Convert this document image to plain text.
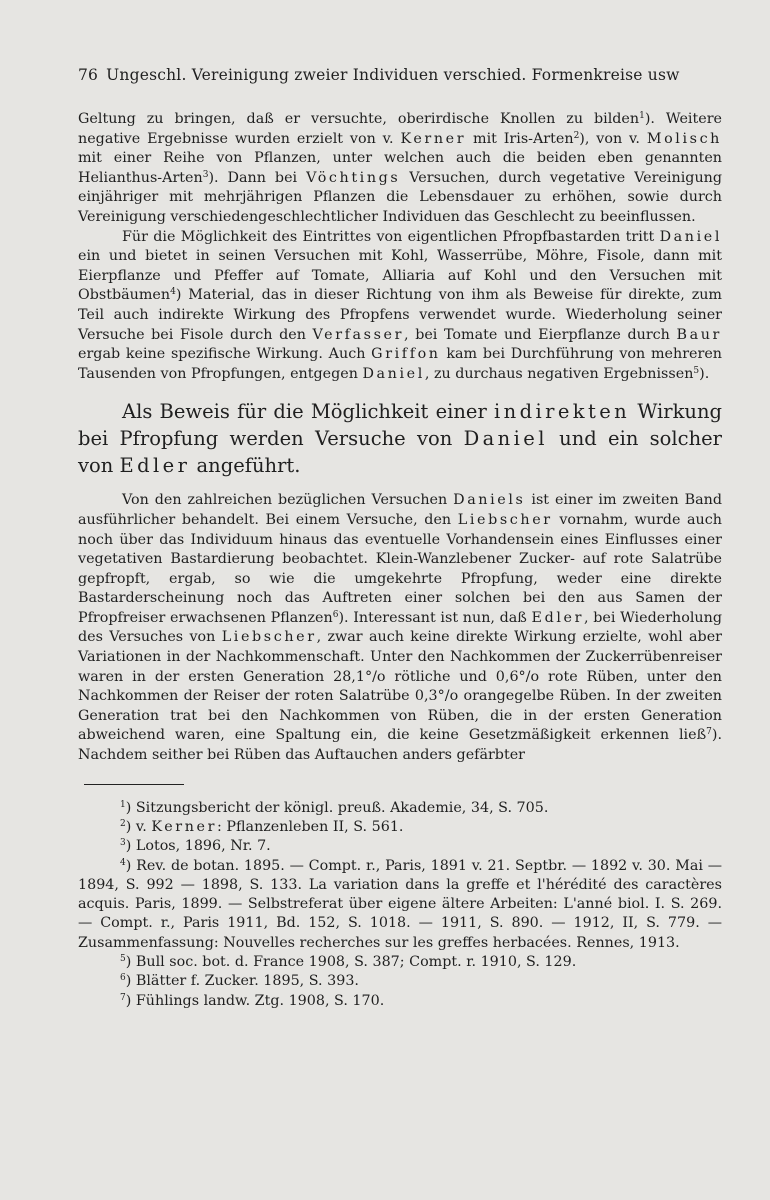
76 Ungeschl. Vereinigung zweier Individuen verschied. Formenkreise usw

Geltung zu bringen, daß er versuchte, oberirdische Knollen zu bilden$^1$). Weitere negative Ergebnisse wurden erzielt von v. Kerner mit Iris-Arten$^2$), von v. Molisch mit einer Reihe von Pflanzen, unter welchen auch die beiden eben genannten Helianthus-Arten$^3$). Dann bei Vöchtings Versuchen, durch vegetative Vereinigung einjähriger mit mehrjährigen Pflanzen die Lebensdauer zu erhöhen, sowie durch Vereinigung verschiedengeschlechtlicher Individuen das Geschlecht zu beeinflussen.

Für die Möglichkeit des Eintrittes von eigentlichen Pfropfbastarden tritt Daniel ein und bietet in seinen Versuchen mit Kohl, Wasserrübe, Möhre, Fisole, dann mit Eierpflanze und Pfeffer auf Tomate, Alliaria auf Kohl und den Versuchen mit Obstbäumen$^4$) Material, das in dieser Richtung von ihm als Beweise für direkte, zum Teil auch indirekte Wirkung des Pfropfens verwendet wurde. Wiederholung seiner Versuche bei Fisole durch den Verfasser, bei Tomate und Eierpflanze durch Baur ergab keine spezifische Wirkung. Auch Griffon kam bei Durchführung von mehreren Tausenden von Pfropfungen, entgegen Daniel, zu durchaus negativen Ergebnissen$^5$).

Als Beweis für die Möglichkeit einer indirekten Wirkung bei Pfropfung werden Versuche von Daniel und ein solcher von Edler angeführt.

Von den zahlreichen bezüglichen Versuchen Daniels ist einer im zweiten Band ausführlicher behandelt. Bei einem Versuche, den Liebscher vornahm, wurde auch noch über das Individuum hinaus das eventuelle Vorhandensein eines Einflusses einer vegetativen Bastardierung beobachtet. Klein-Wanzlebener Zucker- auf rote Salatrübe gepfropft, ergab, so wie die umgekehrte Pfropfung, weder eine direkte Bastarderscheinung noch das Auftreten einer solchen bei den aus Samen der Pfropfreiser erwachsenen Pflanzen$^6$). Interessant ist nun, daß Edler, bei Wiederholung des Versuches von Liebscher, zwar auch keine direkte Wirkung erzielte, wohl aber Variationen in der Nachkommenschaft. Unter den Nachkommen der Zuckerrübenreiser waren in der ersten Generation 28,1°/o rötliche und 0,6°/o rote Rüben, unter den Nachkommen der Reiser der roten Salatrübe 0,3°/o orangegelbe Rüben. In der zweiten Generation trat bei den Nachkommen von Rüben, die in der ersten Generation abweichend waren, eine Spaltung ein, die keine Gesetzmäßigkeit erkennen ließ$^7$). Nachdem seither bei Rüben das Auftauchen anders gefärbter

$^1$) Sitzungsbericht der königl. preuß. Akademie, 34, S. 705.
$^2$) v. Kerner: Pflanzenleben II, S. 561.
$^3$) Lotos, 1896, Nr. 7.
$^4$) Rev. de botan. 1895. — Compt. r., Paris, 1891 v. 21. Septbr. — 1892 v. 30. Mai — 1894, S. 992 — 1898, S. 133. La variation dans la greffe et l'hérédité des caractères acquis. Paris, 1899. — Selbstreferat über eigene ältere Arbeiten: L'anné biol. I. S. 269. — Compt. r., Paris 1911, Bd. 152, S. 1018. — 1911, S. 890. — 1912, II, S. 779. — Zusammenfassung: Nouvelles recherches sur les greffes herbacées. Rennes, 1913.
$^5$) Bull soc. bot. d. France 1908, S. 387; Compt. r. 1910, S. 129.
$^6$) Blätter f. Zucker. 1895, S. 393.
$^7$) Fühlings landw. Ztg. 1908, S. 170.
